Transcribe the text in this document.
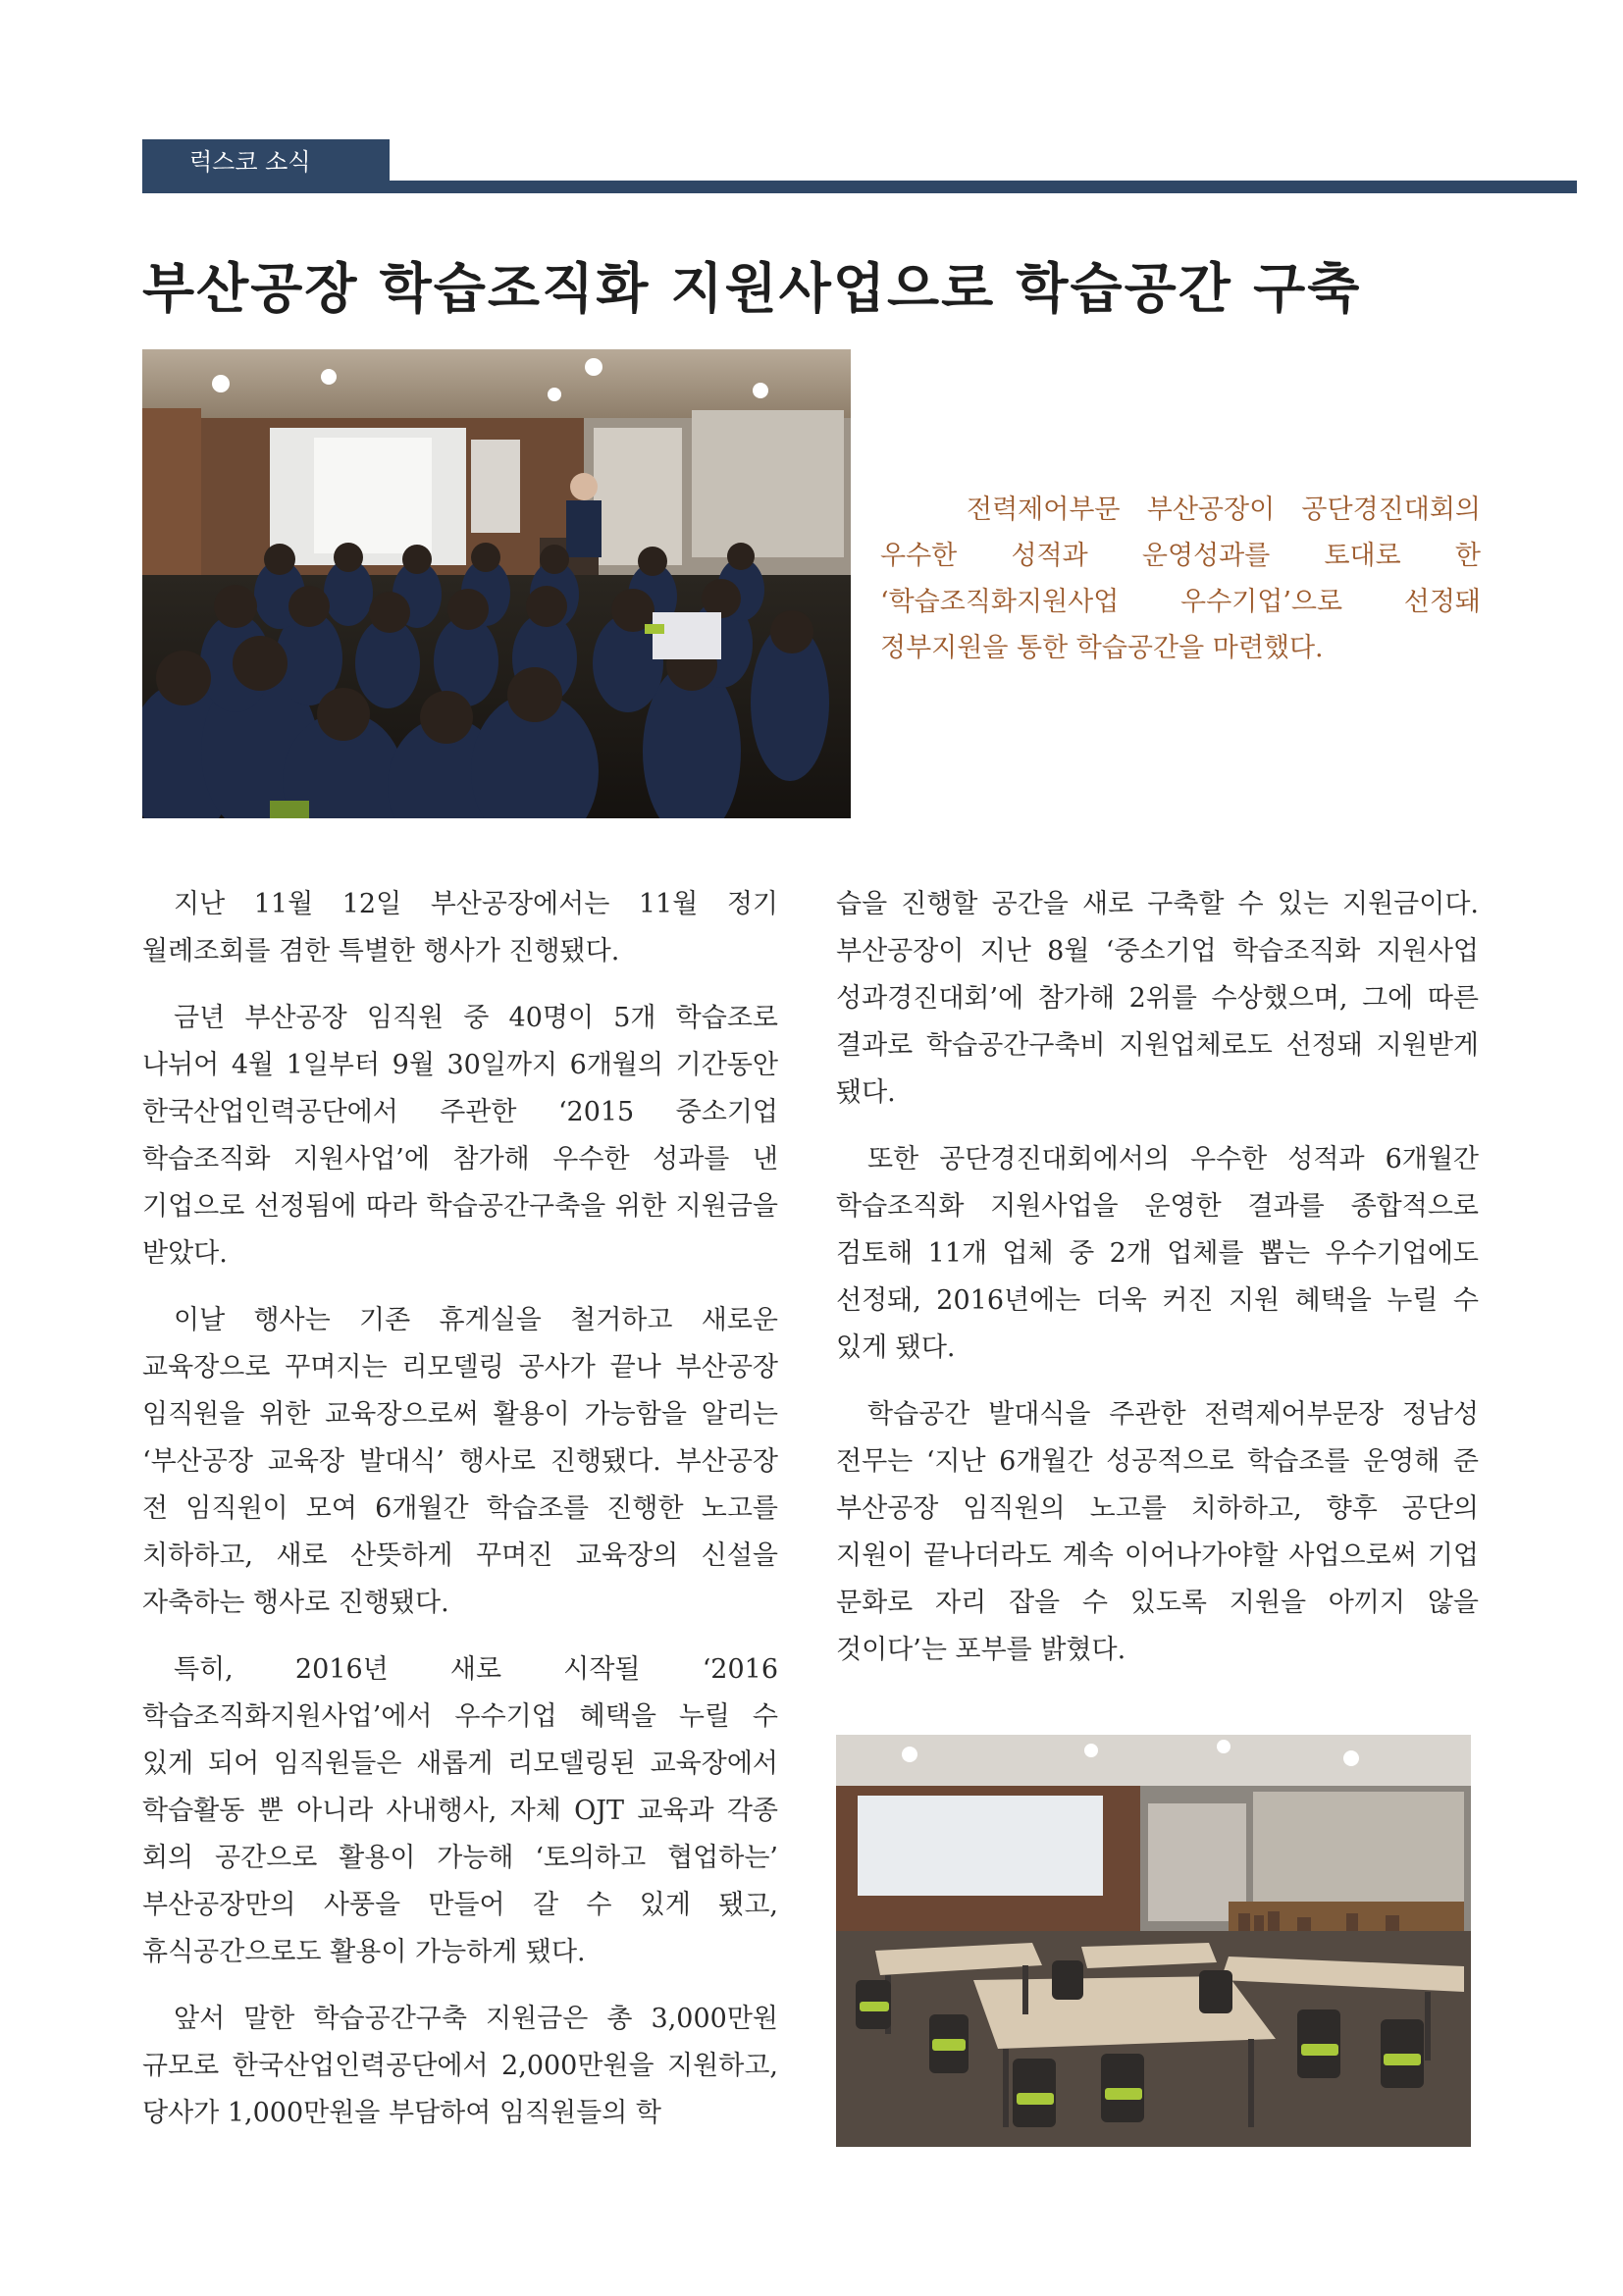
럭스코 소식
부산공장 학습조직화 지원사업으로 학습공간 구축
전력제어부문 부산공장이 공단경진대회의 우수한 성적과 운영성과를 토대로 한 ‘학습조직화지원사업 우수기업’으로 선정돼 정부지원을 통한 학습공간을 마련했다.

지난 11월 12일 부산공장에서는 11월 정기 월례조회를 겸한 특별한 행사가 진행됐다.

금년 부산공장 임직원 중 40명이 5개 학습조로 나뉘어 4월 1일부터 9월 30일까지 6개월의 기간동안 한국산업인력공단에서 주관한 ‘2015 중소기업 학습조직화 지원사업’에 참가해 우수한 성과를 낸 기업으로 선정됨에 따라 학습공간구축을 위한 지원금을 받았다.

이날 행사는 기존 휴게실을 철거하고 새로운 교육장으로 꾸며지는 리모델링 공사가 끝나 부산공장 임직원을 위한 교육장으로써 활용이 가능함을 알리는 ‘부산공장 교육장 발대식’ 행사로 진행됐다. 부산공장 전 임직원이 모여 6개월간 학습조를 진행한 노고를 치하하고, 새로 산뜻하게 꾸며진 교육장의 신설을 자축하는 행사로 진행됐다.

특히, 2016년 새로 시작될 ‘2016 학습조직화지원사업’에서 우수기업 혜택을 누릴 수 있게 되어 임직원들은 새롭게 리모델링된 교육장에서 학습활동 뿐 아니라 사내행사, 자체 OJT 교육과 각종 회의 공간으로 활용이 가능해 ‘토의하고 협업하는’ 부산공장만의 사풍을 만들어 갈 수 있게 됐고, 휴식공간으로도 활용이 가능하게 됐다.

앞서 말한 학습공간구축 지원금은 총 3,000만원 규모로 한국산업인력공단에서 2,000만원을 지원하고, 당사가 1,000만원을 부담하여 임직원들의 학

습을 진행할 공간을 새로 구축할 수 있는 지원금이다. 부산공장이 지난 8월 ‘중소기업 학습조직화 지원사업 성과경진대회’에 참가해 2위를 수상했으며, 그에 따른 결과로 학습공간구축비 지원업체로도 선정돼 지원받게 됐다.

또한 공단경진대회에서의 우수한 성적과 6개월간 학습조직화 지원사업을 운영한 결과를 종합적으로 검토해 11개 업체 중 2개 업체를 뽑는 우수기업에도 선정돼, 2016년에는 더욱 커진 지원 혜택을 누릴 수 있게 됐다.

학습공간 발대식을 주관한 전력제어부문장 정남성 전무는 ‘지난 6개월간 성공적으로 학습조를 운영해 준 부산공장 임직원의 노고를 치하하고, 향후 공단의 지원이 끝나더라도 계속 이어나가야할 사업으로써 기업 문화로 자리 잡을 수 있도록 지원을 아끼지 않을 것이다’는 포부를 밝혔다.
